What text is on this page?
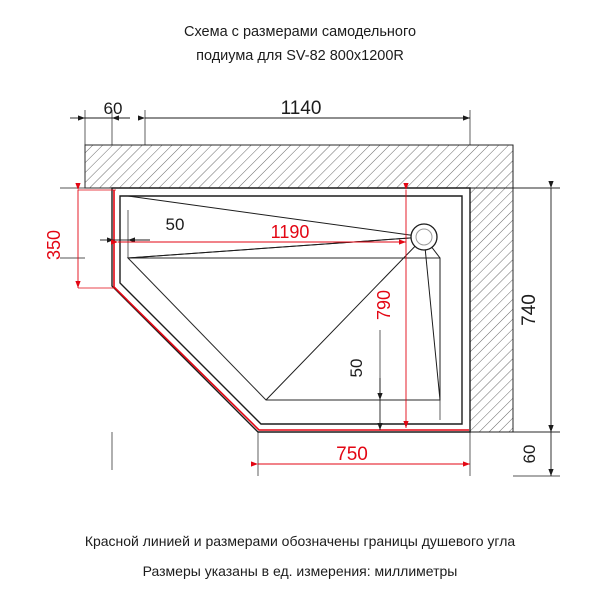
Схема с размерами самодельного
подиума для SV-82 800x1200R
60	1140
350
50	1190
790
50
740
60
750
Красной линией и размерами обозначены границы душевого угла
Размеры указаны в ед. измерения: миллиметры
